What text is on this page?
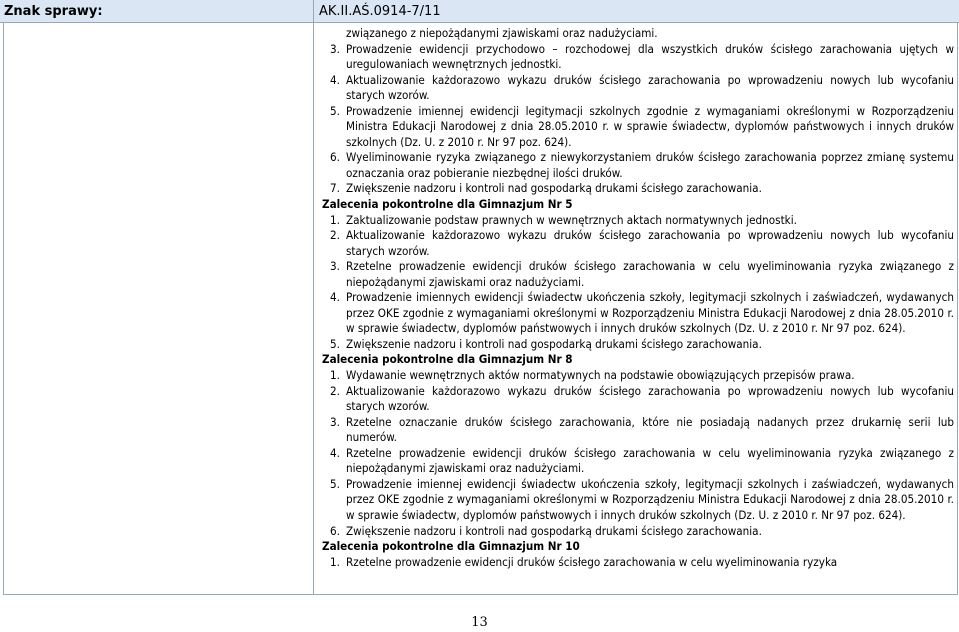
Znak sprawy:	AK.II.AŚ.0914-7/11

związanego z niepożądanymi zjawiskami oraz nadużyciami.

3. Prowadzenie ewidencji przychodowo – rozchodowej dla wszystkich druków ścisłego zarachowania ujętych w uregulowaniach wewnętrznych jednostki.
4. Aktualizowanie każdorazowo wykazu druków ścisłego zarachowania po wprowadzeniu nowych lub wycofaniu starych wzorów.
5. Prowadzenie imiennej ewidencji legitymacji szkolnych zgodnie z wymaganiami określonymi w Rozporządzeniu Ministra Edukacji Narodowej z dnia 28.05.2010 r. w sprawie świadectw, dyplomów państwowych i innych druków szkolnych (Dz. U. z 2010 r. Nr 97 poz. 624).
6. Wyeliminowanie ryzyka związanego z niewykorzystaniem druków ścisłego zarachowania poprzez zmianę systemu oznaczania oraz pobieranie niezbędnej ilości druków.
7. Zwiększenie nadzoru i kontroli nad gospodarką drukami ścisłego zarachowania.

Zalecenia pokontrolne dla Gimnazjum Nr 5

1. Zaktualizowanie podstaw prawnych w wewnętrznych aktach normatywnych jednostki.
2. Aktualizowanie każdorazowo wykazu druków ścisłego zarachowania po wprowadzeniu nowych lub wycofaniu starych wzorów.
3. Rzetelne prowadzenie ewidencji druków ścisłego zarachowania w celu wyeliminowania ryzyka związanego z niepożądanymi zjawiskami oraz nadużyciami.
4. Prowadzenie imiennych ewidencji świadectw ukończenia szkoły, legitymacji szkolnych i zaświadczeń, wydawanych przez OKE zgodnie z wymaganiami określonymi w Rozporządzeniu Ministra Edukacji Narodowej z dnia 28.05.2010 r. w sprawie świadectw, dyplomów państwowych i innych druków szkolnych (Dz. U. z 2010 r. Nr 97 poz. 624).
5. Zwiększenie nadzoru i kontroli nad gospodarką drukami ścisłego zarachowania.

Zalecenia pokontrolne dla Gimnazjum Nr 8

1. Wydawanie wewnętrznych aktów normatywnych na podstawie obowiązujących przepisów prawa.
2. Aktualizowanie każdorazowo wykazu druków ścisłego zarachowania po wprowadzeniu nowych lub wycofaniu starych wzorów.
3. Rzetelne oznaczanie druków ścisłego zarachowania, które nie posiadają nadanych przez drukarnię serii lub numerów.
4. Rzetelne prowadzenie ewidencji druków ścisłego zarachowania w celu wyeliminowania ryzyka związanego z niepożądanymi zjawiskami oraz nadużyciami.
5. Prowadzenie imiennej ewidencji świadectw ukończenia szkoły, legitymacji szkolnych i zaświadczeń, wydawanych przez OKE zgodnie z wymaganiami określonymi w Rozporządzeniu Ministra Edukacji Narodowej z dnia 28.05.2010 r. w sprawie świadectw, dyplomów państwowych i innych druków szkolnych (Dz. U. z 2010 r. Nr 97 poz. 624).
6. Zwiększenie nadzoru i kontroli nad gospodarką drukami ścisłego zarachowania.

Zalecenia pokontrolne dla Gimnazjum Nr 10

1. Rzetelne prowadzenie ewidencji druków ścisłego zarachowania w celu wyeliminowania ryzyka
13
